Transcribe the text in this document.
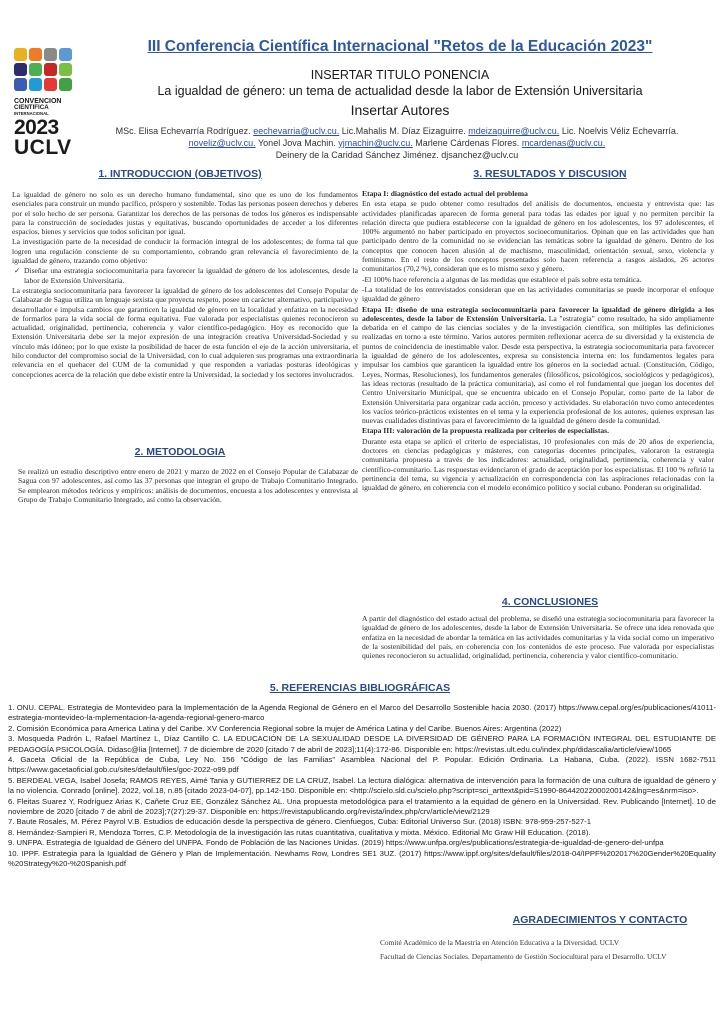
CONVENCION
CIENTIFICA
INTERNACIONAL
2023
UCLV
III Conferencia Científica Internacional "Retos de la Educación 2023"
INSERTAR TITULO PONENCIA
La igualdad de género: un tema de actualidad desde la labor de Extensión Universitaria
Insertar Autores
MSc. Elisa Echevarría Rodríguez. eechevarria@uclv.cu. Lic.Mahalis M. Díaz Eizaguirre. mdeizaguirre@uclv.cu. Lic. Noelvis Véliz Echevarría. noveliz@uclv.cu. Yonel Jova Machin. yjmachin@uclv.cu. Marlene Cárdenas Flores. mcardenas@uclv.cu.
Deinery de la Caridad Sánchez Jiménez. djsanchez@uclv.cu
1. INTRODUCCION (OBJETIVOS)

La igualdad de género no solo es un derecho humano fundamental, sino que es uno de los fundamentos esenciales para construir un mundo pacífico, próspero y sostenible. Todas las personas poseen derechos y deberes por el solo hecho de ser persona. Garantizar los derechos de las personas de todos los géneros es indispensable para la construcción de sociedades justas y equitativas, buscando oportunidades de acceder a los diferentes espacios, bienes y servicios que todos solicitan por igual.

La investigación parte de la necesidad de conducir la formación integral de los adolescentes; de forma tal que logren una regulación consciente de su comportamiento, cobrando gran relevancia el favorecimiento de la igualdad de género, trazando como objetivo:

✓ Diseñar una estrategia sociocomunitaria para favorecer la igualdad de género de los adolescentes, desde la labor de Extensión Universitaria.

La estrategia sociocomunitaria para favorecer la igualdad de género de los adolescentes del Consejo Popular de Calabazar de Sagua utiliza un lenguaje sexista que proyecta respeto, posee un carácter alternativo, participativo y desarrollador e impulsa cambios que garanticen la igualdad de género en la localidad y enfatiza en la necesidad de formarlos para la vida social de forma equitativa. Fue valorada por especialistas quienes reconocieron su actualidad, originalidad, pertinencia, coherencia y valor científico-pedagógico. Hoy es reconocido que la Extensión Universitaria debe ser la mejor expresión de una integración creativa Universidad-Sociedad y su vínculo más idóneo; por lo que existe la posibilidad de hacer de esta función el eje de la acción universitaria, el hilo conductor del compromiso social de la Universidad, con lo cual adquieren sus programas una extraordinaria relevancia en el quehacer del CUM de la comunidad y que responden a variadas posturas ideológicas y concepciones acerca de la relación que debe existir entre la Universidad, la sociedad y los sectores involucrados.

2. METODOLOGIA

Se realizó un estudio descriptivo entre enero de 2021 y marzo de 2022 en el Consejo Popular de Calabazar de Sagua con 97 adolescentes, así como las 37 personas que integran el grupo de Trabajo Comunitario Integrado. Se emplearon métodos teóricos y empíricos: análisis de documentos, encuesta a los adolescentes y entrevista al Grupo de Trabajo Comunitario Integrado, así como la observación.

3. RESULTADOS Y DISCUSION

Etapa I: diagnóstico del estado actual del problema

En esta etapa se pudo obtener como resultados del análisis de documentos, encuesta y entrevista que: las actividades planificadas aparecen de forma general para todas las edades por igual y no permiten percibir la relación directa que pudiera establecerse con la igualdad de género en los adolescentes, los 97 adolescentes, el 100% argumentó no haber participado en proyectos socioecomunitarios. Opinan que en las actividades que han participado dentro de la comunidad no se evidencian las temáticas sobre la igualdad de género. Dentro de los conceptos que conocen hacen alusión al de machismo, masculinidad, orientación sexual, sexo, violencia y feminismo. En el resto de los conceptos presentados solo hacen referencia a rasgos aislados, 26 actores comunitarios (70,2 %), consideran que es lo mismo sexo y género.

-El 100% hace referencia a algunas de las medidas que establece el país sobre esta temática.

-La totalidad de los entrevistados consideran que en las actividades comunitarias se puede incorporar el enfoque igualdad de género

Etapa II: diseño de una estrategia sociocomunitaria para favorecer la igualdad de género dirigida a los adolescentes, desde la labor de Extensión Universitaria. La "estrategia" como resultado, ha sido ampliamente debatida en el campo de las ciencias sociales y de la investigación científica, son múltiples las definiciones realizadas en torno a este término. Varios autores permiten reflexionar acerca de su diversidad y la existencia de puntos de coincidencia de inestimable valor. Desde esta perspectiva, la estrategia sociocomunitaria para favorecer la igualdad de género de los adolescentes, expresa su consistencia interna en: los fundamentos legales para impulsar los cambios que garanticen la igualdad entre los géneros en la sociedad actual. (Constitución, Código, Leyes, Normas, Resoluciones), los fundamentos generales (filosóficos, psicológicos, sociológicos y pedagógicos), las ideas rectoras (resultado de la práctica comunitaria), así como el rol fundamental que juegan los docentes del Centro Universitario Municipal, que se encuentra ubicado en el Consejo Popular, como parte de la labor de Extensión Universitaria para organizar cada acción, proceso y actividades. Su elaboración tuvo como antecedentes los vacíos teórico-prácticos existentes en el tema y la experiencia profesional de los autores, quienes expresan las nuevas cualidades distintivas para el favorecimiento de la igualdad de género desde la comunidad.

Etapa III: valoración de la propuesta realizada por criterios de especialistas.

Durante esta etapa se aplicó el criterio de especialistas, 10 profesionales con más de 20 años de experiencia, doctores en ciencias pedagógicas y másteres, con categorías docentes principales, valoraron la estrategia comunitaria propuesta a través de los indicadores: actualidad, originalidad, pertinencia, coherencia y valor científico-comunitario. Las respuestas evidenciaron el grado de aceptación por los especialistas. El 100 % refirió la pertinencia del tema, su vigencia y actualización en correspondencia con las aspiraciones relacionadas con la igualdad de género, en coherencia con el modelo económico político y social cubano. Ponderan su originalidad.

4. CONCLUSIONES

A partir del diagnóstico del estado actual del problema, se diseñó una estrategia sociocomunitaria para favorecer la igualdad de género de los adolescentes, desde la labor de Extensión Universitaria. Se ofrece una idea renovada que enfatiza en la necesidad de abordar la temática en las actividades comunitarias y la vida social como un imperativo de la sostenibilidad del país, en coherencia con los contenidos de este proceso. Fue valorada por especialistas quienes reconocieron su actualidad, originalidad, pertinencia, coherencia y valor científico-comunitario.

5. REFERENCIAS BIBLIOGRÁFICAS
1. ONU. CEPAL. Estrategia de Montevideo para la Implementación de la Agenda Regional de Género en el Marco del Desarrollo Sostenible hacia 2030. (2017) https://www.cepal.org/es/publicaciones/41011-estrategia-montevideo-la-mplementacion-la-agenda-regional-genero-marco
2. Comisión Económica para America Latina y del Caribe. XV Conferencia Regional sobre la mujer de América Latina y del Caribe. Buenos Aires: Argentina (2022)
3. Mosqueda Padrón L, Rafael Martínez L, Díaz Cantillo C. LA EDUCACIÓN DE LA SEXUALIDAD DESDE LA DIVERSIDAD DE GÉNERO PARA LA FORMACIÓN INTEGRAL DEL ESTUDIANTE DE PEDAGOGÍA PSICOLOGÍA. Didasc@lia [Internet]. 7 de diciembre de 2020 [citado 7 de abril de 2023];11(4):172-86. Disponible en: https://revistas.ult.edu.cu/index.php/didascalia/article/view/1065
4. Gaceta Oficial de la República de Cuba, Ley No. 156 "Código de las Familias" Asamblea Nacional del P. Popular. Edición Ordinaria. La Habana, Cuba. (2022). ISSN 1682-7511 https://www.gacetaoficial.gob.cu/sites/default/files/goc-2022-o99.pdf
5. BERDEAL VEGA, Isabel Josefa; RAMOS REYES, Aimé Tania y GUTIERREZ DE LA CRUZ, Isabel. La lectura dialógica: alternativa de intervención para la formación de una cultura de igualdad de género y la no violencia. Conrado [online]. 2022, vol.18, n.85 [citado 2023-04-07], pp.142-150. Disponible en: <http://scielo.sld.cu/scielo.php?script=sci_arttext&pid=S1990-86442022000200142&lng=es&nrm=iso>.
6. Fleitas Suarez Y, Rodríguez Arias K, Cañete Cruz EE, González Sánchez AL. Una propuesta metodológica para el tratamiento a la equidad de género en la Universidad. Rev. Publicando [Internet]. 10 de noviembre de 2020 [citado 7 de abril de 2023];7(27):29-37. Disponible en: https://revistapublicando.org/revista/index.php/crv/article/view/2129
7. Baute Rosales, M. Pérez Payrol V.B. Estudios de educación desde la perspectiva de género. Cienfuegos, Cuba: Editorial Universo Sur. (2018) ISBN: 978-959-257-527-1
8. Hernández-Sampieri R, Mendoza Torres, C.P. Metodología de la investigación las rutas cuantitativa, cualitativa y mixta. México. Editorial Mc Graw Hill Education. (2018).
9. UNFPA. Estrategia de Igualdad de Género del UNFPA. Fondo de Población de las Naciones Unidas. (2019) https://www.unfpa.org/es/publications/estrategia-de-igualdad-de-genero-del-unfpa
10. IPPF. Estrategia para la Igualdad de Género y Plan de Implementación. Newhams Row, Londres SE1 3UZ. (2017) https://www.ippf.org/sites/default/files/2018-04/IPPF%202017%20Gender%20Equality %20Strategy%20-%20Spanish.pdf
AGRADECIMIENTOS Y CONTACTO
Comité Académico de la Maestría en Atención Educativa a la Diversidad. UCLV
Facultad de Ciencias Sociales. Departamento de Gestión Sociocultural para el Desarrollo. UCLV
